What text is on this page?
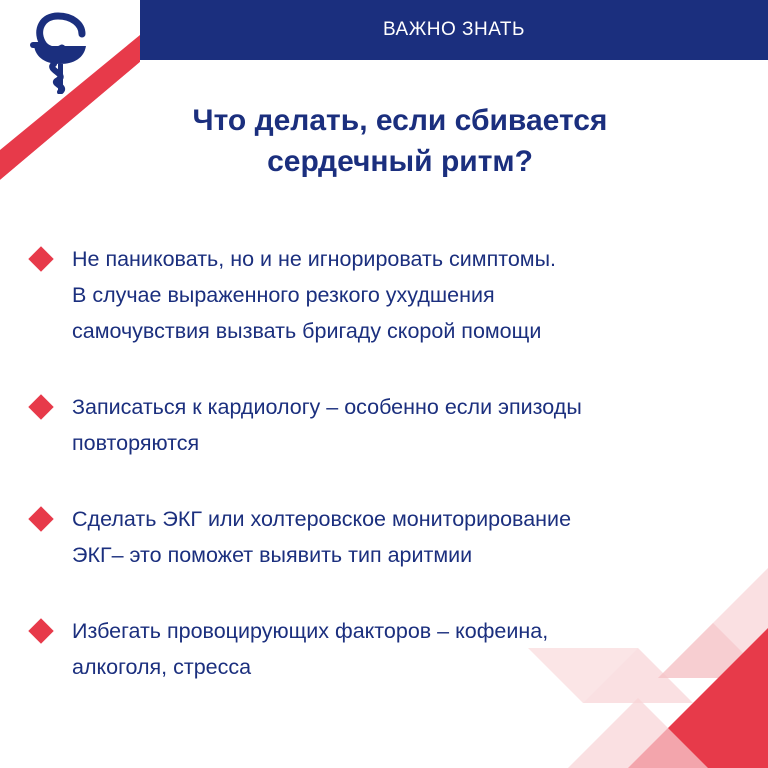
ВАЖНО ЗНАТЬ
Что делать, если сбивается
сердечный ритм?
Не паниковать, но и не игнорировать симптомы.
В случае выраженного резкого ухудшения
самочувствия вызвать бригаду скорой помощи
Записаться к кардиологу – особенно если эпизоды
повторяются
Сделать ЭКГ или холтеровское мониторирование
ЭКГ– это поможет выявить тип аритмии
Избегать провоцирующих факторов – кофеина,
алкоголя, стресса
